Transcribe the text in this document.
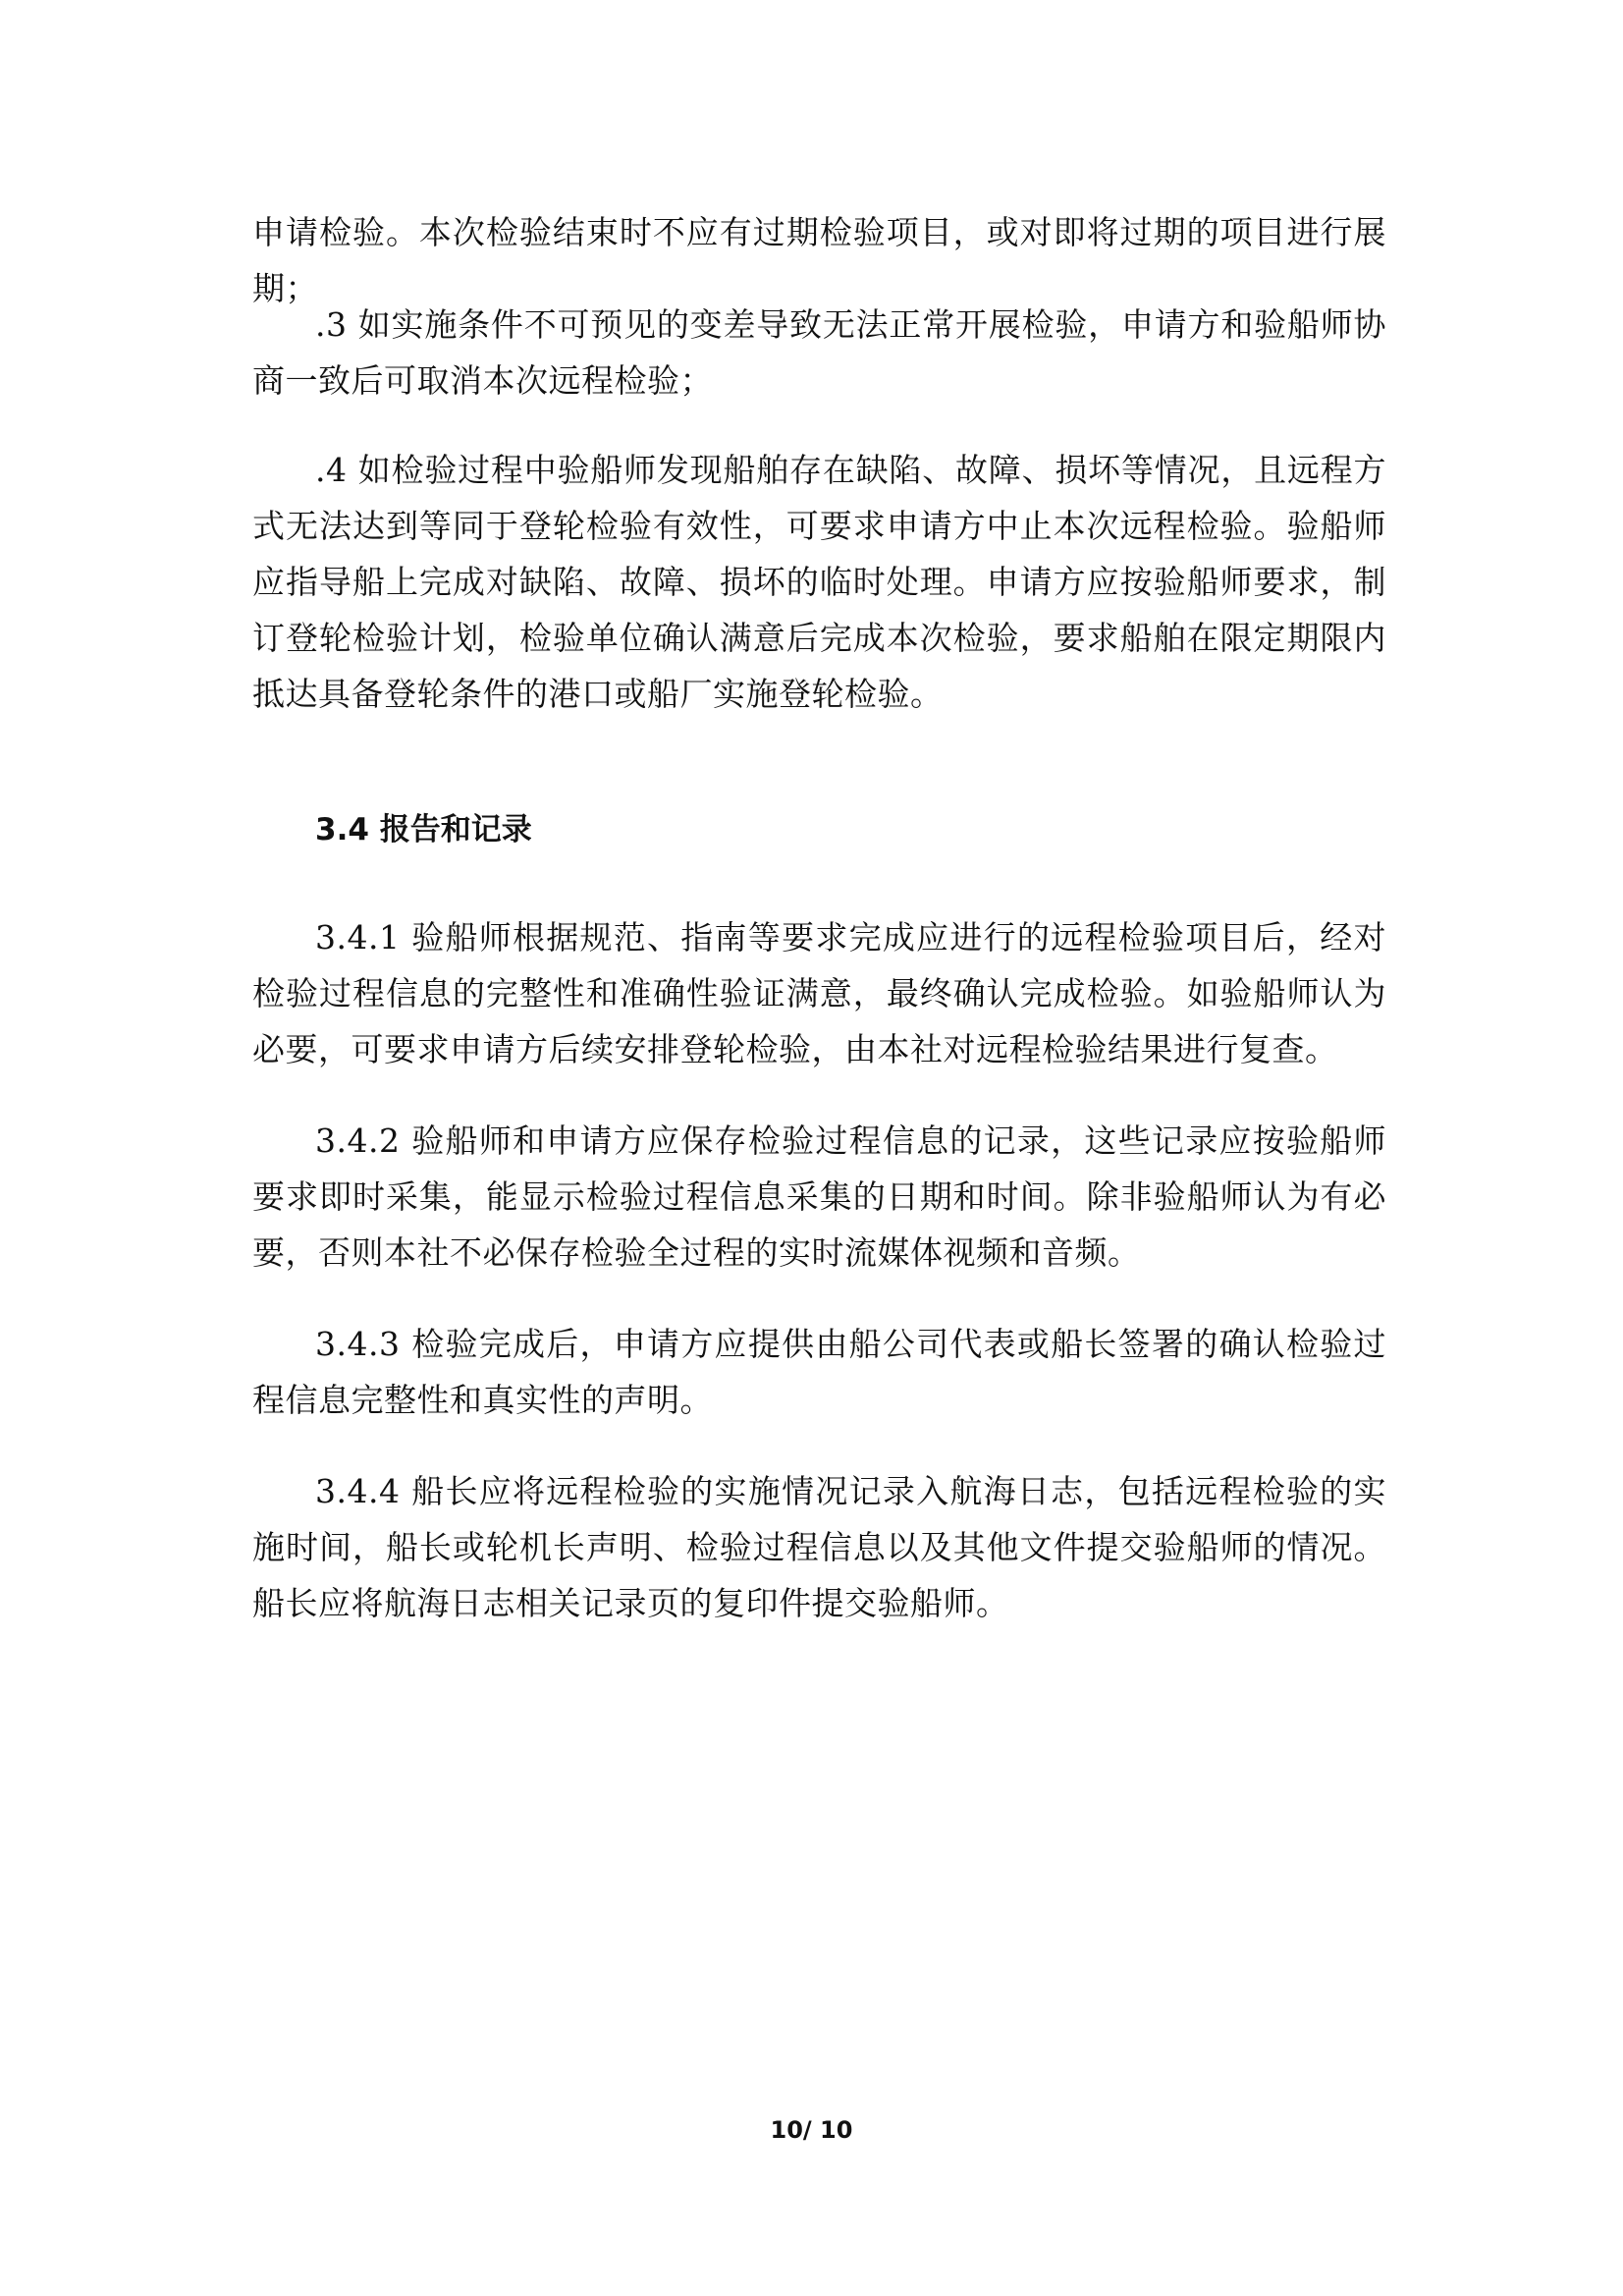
申请检验。本次检验结束时不应有过期检验项目，或对即将过期的项目进行展期；

.3 如实施条件不可预见的变差导致无法正常开展检验，申请方和验船师协商一致后可取消本次远程检验；

.4 如检验过程中验船师发现船舶存在缺陷、故障、损坏等情况，且远程方式无法达到等同于登轮检验有效性，可要求申请方中止本次远程检验。验船师应指导船上完成对缺陷、故障、损坏的临时处理。申请方应按验船师要求，制订登轮检验计划，检验单位确认满意后完成本次检验，要求船舶在限定期限内抵达具备登轮条件的港口或船厂实施登轮检验。

3.4 报告和记录

3.4.1 验船师根据规范、指南等要求完成应进行的远程检验项目后，经对检验过程信息的完整性和准确性验证满意，最终确认完成检验。如验船师认为必要，可要求申请方后续安排登轮检验，由本社对远程检验结果进行复查。

3.4.2 验船师和申请方应保存检验过程信息的记录，这些记录应按验船师要求即时采集，能显示检验过程信息采集的日期和时间。除非验船师认为有必要，否则本社不必保存检验全过程的实时流媒体视频和音频。

3.4.3 检验完成后，申请方应提供由船公司代表或船长签署的确认检验过程信息完整性和真实性的声明。

3.4.4 船长应将远程检验的实施情况记录入航海日志，包括远程检验的实施时间，船长或轮机长声明、检验过程信息以及其他文件提交验船师的情况。船长应将航海日志相关记录页的复印件提交验船师。

10/ 10
